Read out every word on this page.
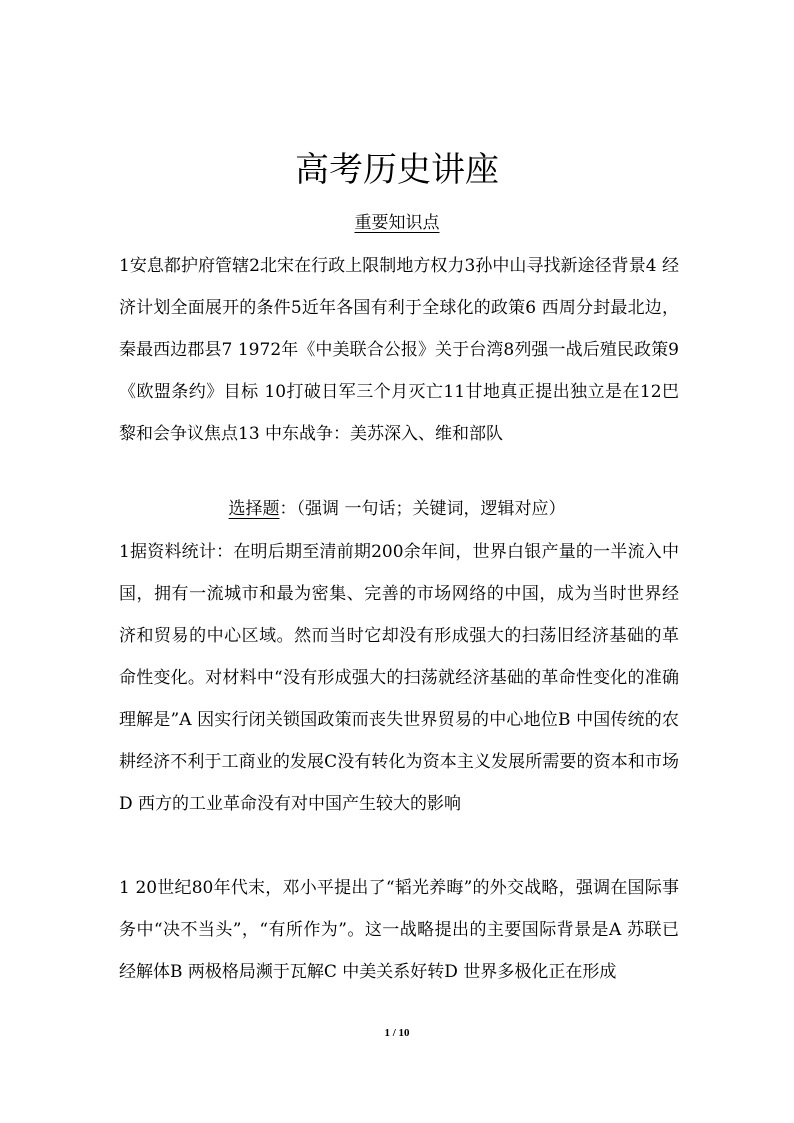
高考历史讲座
重要知识点

1安息都护府管辖2北宋在行政上限制地方权力3孙中山寻找新途径背景4 经济计划全面展开的条件5近年各国有利于全球化的政策6 西周分封最北边，秦最西边郡县7 1972年《中美联合公报》关于台湾8列强一战后殖民政策9《欧盟条约》目标 10打破日军三个月灭亡11甘地真正提出独立是在12巴黎和会争议焦点13 中东战争：美苏深入、维和部队

选择题：（强调 一句话；关键词，逻辑对应）

1据资料统计：在明后期至清前期200余年间，世界白银产量的一半流入中国，拥有一流城市和最为密集、完善的市场网络的中国，成为当时世界经济和贸易的中心区域。然而当时它却没有形成强大的扫荡旧经济基础的革命性变化。对材料中“没有形成强大的扫荡就经济基础的革命性变化的准确理解是”A 因实行闭关锁国政策而丧失世界贸易的中心地位B 中国传统的农耕经济不利于工商业的发展C没有转化为资本主义发展所需要的资本和市场D 西方的工业革命没有对中国产生较大的影响

1 20世纪80年代末，邓小平提出了“韬光养晦”的外交战略，强调在国际事务中“决不当头”，“有所作为”。这一战略提出的主要国际背景是A 苏联已经解体B 两极格局濒于瓦解C 中美关系好转D 世界多极化正在形成

1 / 10
